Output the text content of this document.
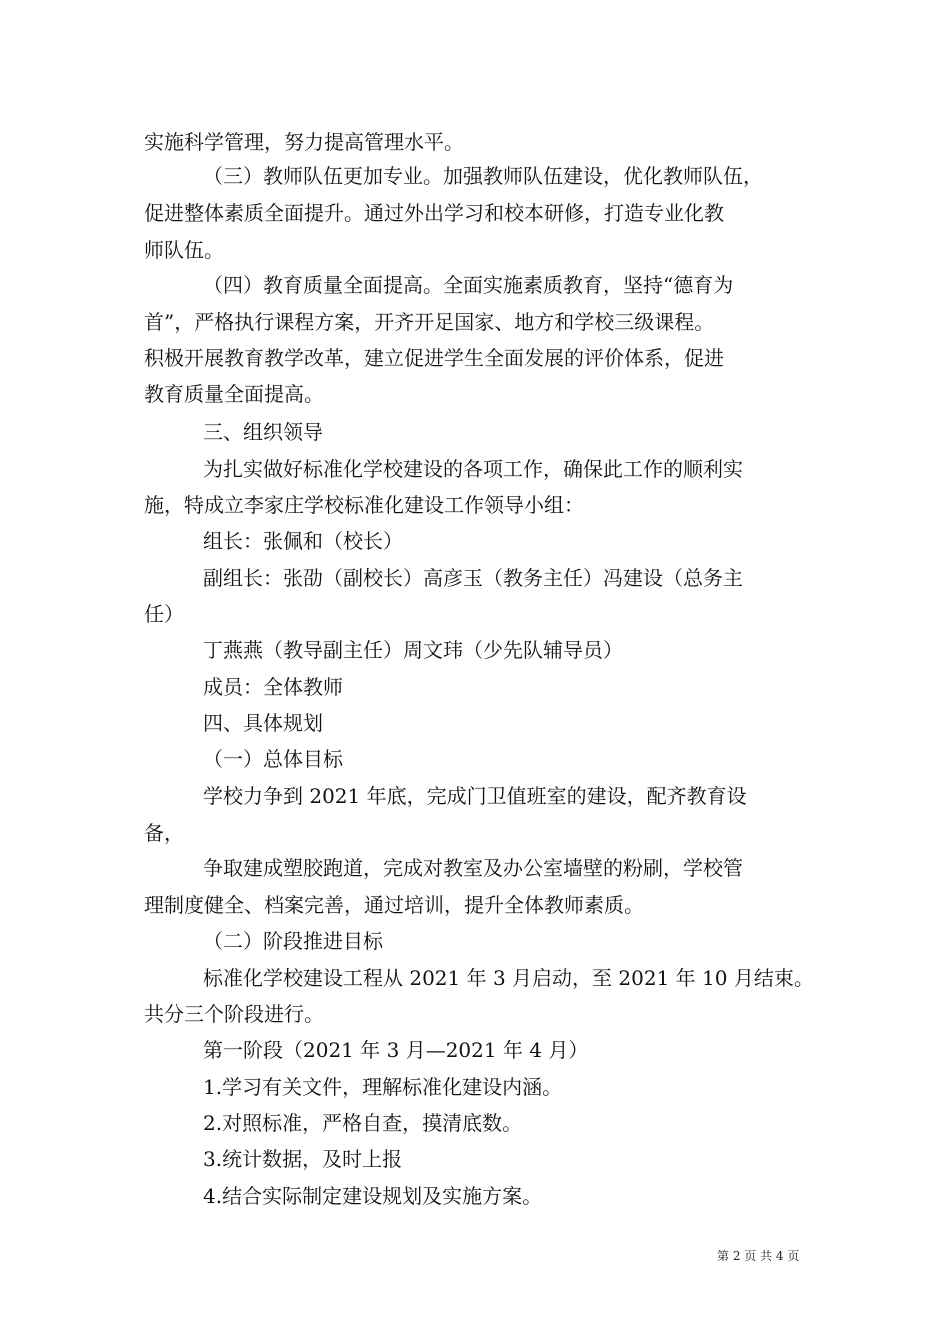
实施科学管理，努力提高管理水平。
（三）教师队伍更加专业。加强教师队伍建设，优化教师队伍，
促进整体素质全面提升。通过外出学习和校本研修，打造专业化教
师队伍。
（四）教育质量全面提高。全面实施素质教育，坚持“德育为
首”，严格执行课程方案，开齐开足国家、地方和学校三级课程。
积极开展教育教学改革，建立促进学生全面发展的评价体系，促进
教育质量全面提高。
三、组织领导
为扎实做好标准化学校建设的各项工作，确保此工作的顺利实
施，特成立李家庄学校标准化建设工作领导小组：
组长：张佩和（校长）
副组长：张劭（副校长）高彦玉（教务主任）冯建设（总务主
任）
丁燕燕（教导副主任）周文玮（少先队辅导员）
成员：全体教师
四、具体规划
（一）总体目标
学校力争到 2021 年底，完成门卫值班室的建设，配齐教育设
备，
争取建成塑胶跑道，完成对教室及办公室墙壁的粉刷，学校管
理制度健全、档案完善，通过培训，提升全体教师素质。
（二）阶段推进目标
标准化学校建设工程从 2021 年 3 月启动，至 2021 年 10 月结束。
共分三个阶段进行。
第一阶段（2021 年 3 月—2021 年 4 月）
1.学习有关文件，理解标准化建设内涵。
2.对照标准，严格自查，摸清底数。
3.统计数据，及时上报
4.结合实际制定建设规划及实施方案。
第 2 页 共 4 页
